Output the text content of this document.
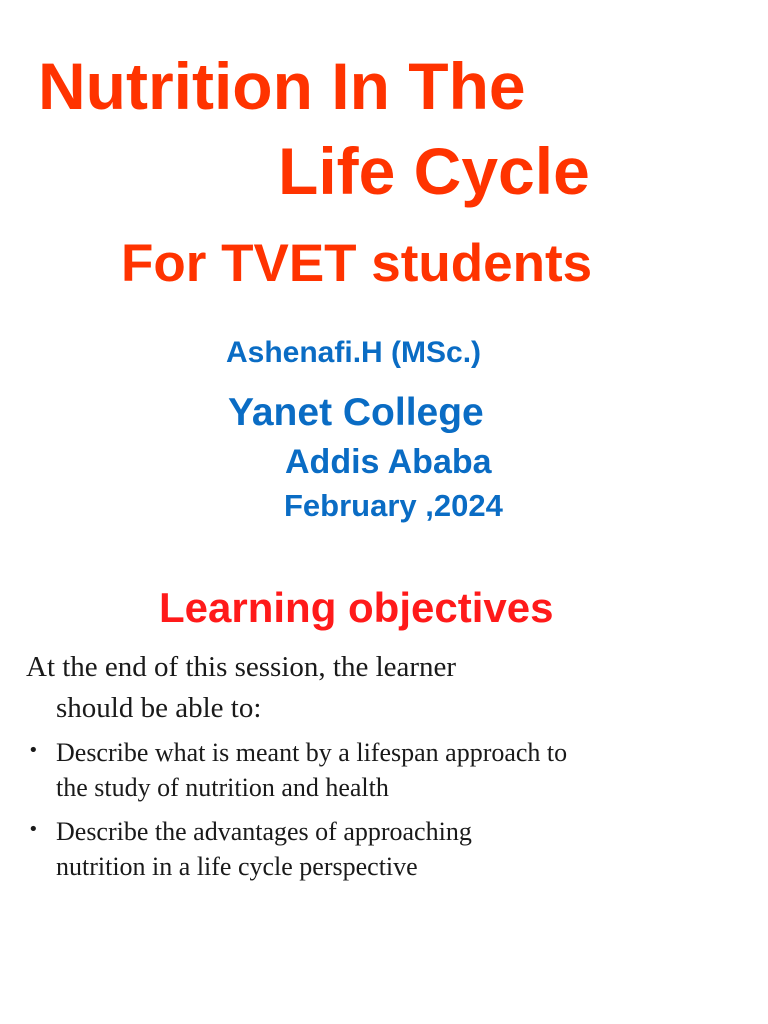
Nutrition In The
Life Cycle
For TVET students
Ashenafi.H (MSc.)
Yanet College
Addis Ababa
February ,2024
Learning objectives
At the end of this session, the learner
should be able to:
• Describe what is meant by a lifespan approach to
the study of nutrition and health
• Describe the advantages of approaching
nutrition in a life cycle perspective
